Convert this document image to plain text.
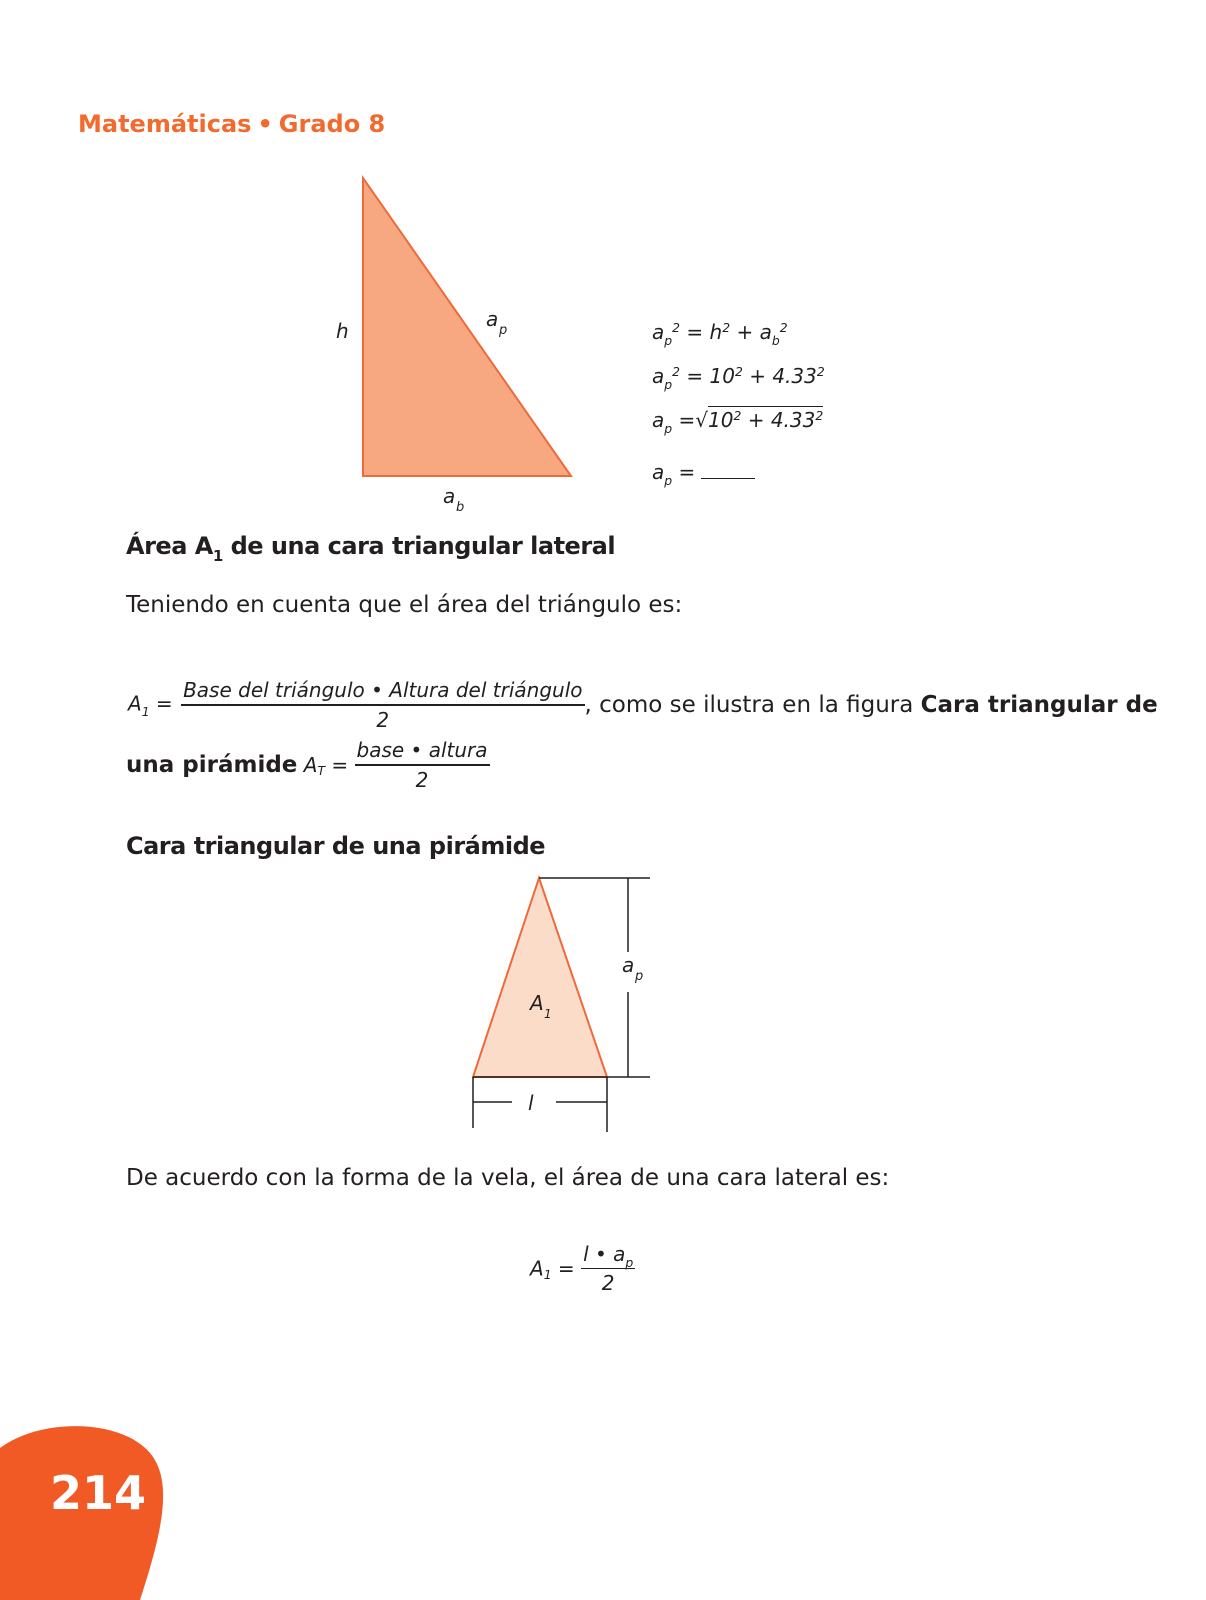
Matemáticas • Grado 8
h	a p
a b
$a_p^2 = h^2 + a_b^2$
$a_p^2 = 10^2 + 4.33^2$
$a_p =√10^2 + 4.33^2$
$a_p$ =
Área $A_1$ de una cara triangular lateral
Teniendo en cuenta que el área del triángulo es:
$A_1 = \frac{\text{Base del triángulo • Altura del triángulo}}{2}$ , como se ilustra en la figura Cara triangular de
una pirámide $A_T = \frac{\text{base • altura}}{2}$
Cara triangular de una pirámide
a p
A 1
l
De acuerdo con la forma de la vela, el área de una cara lateral es:
$A_1 = \frac{l • a_p}{2}$
214
